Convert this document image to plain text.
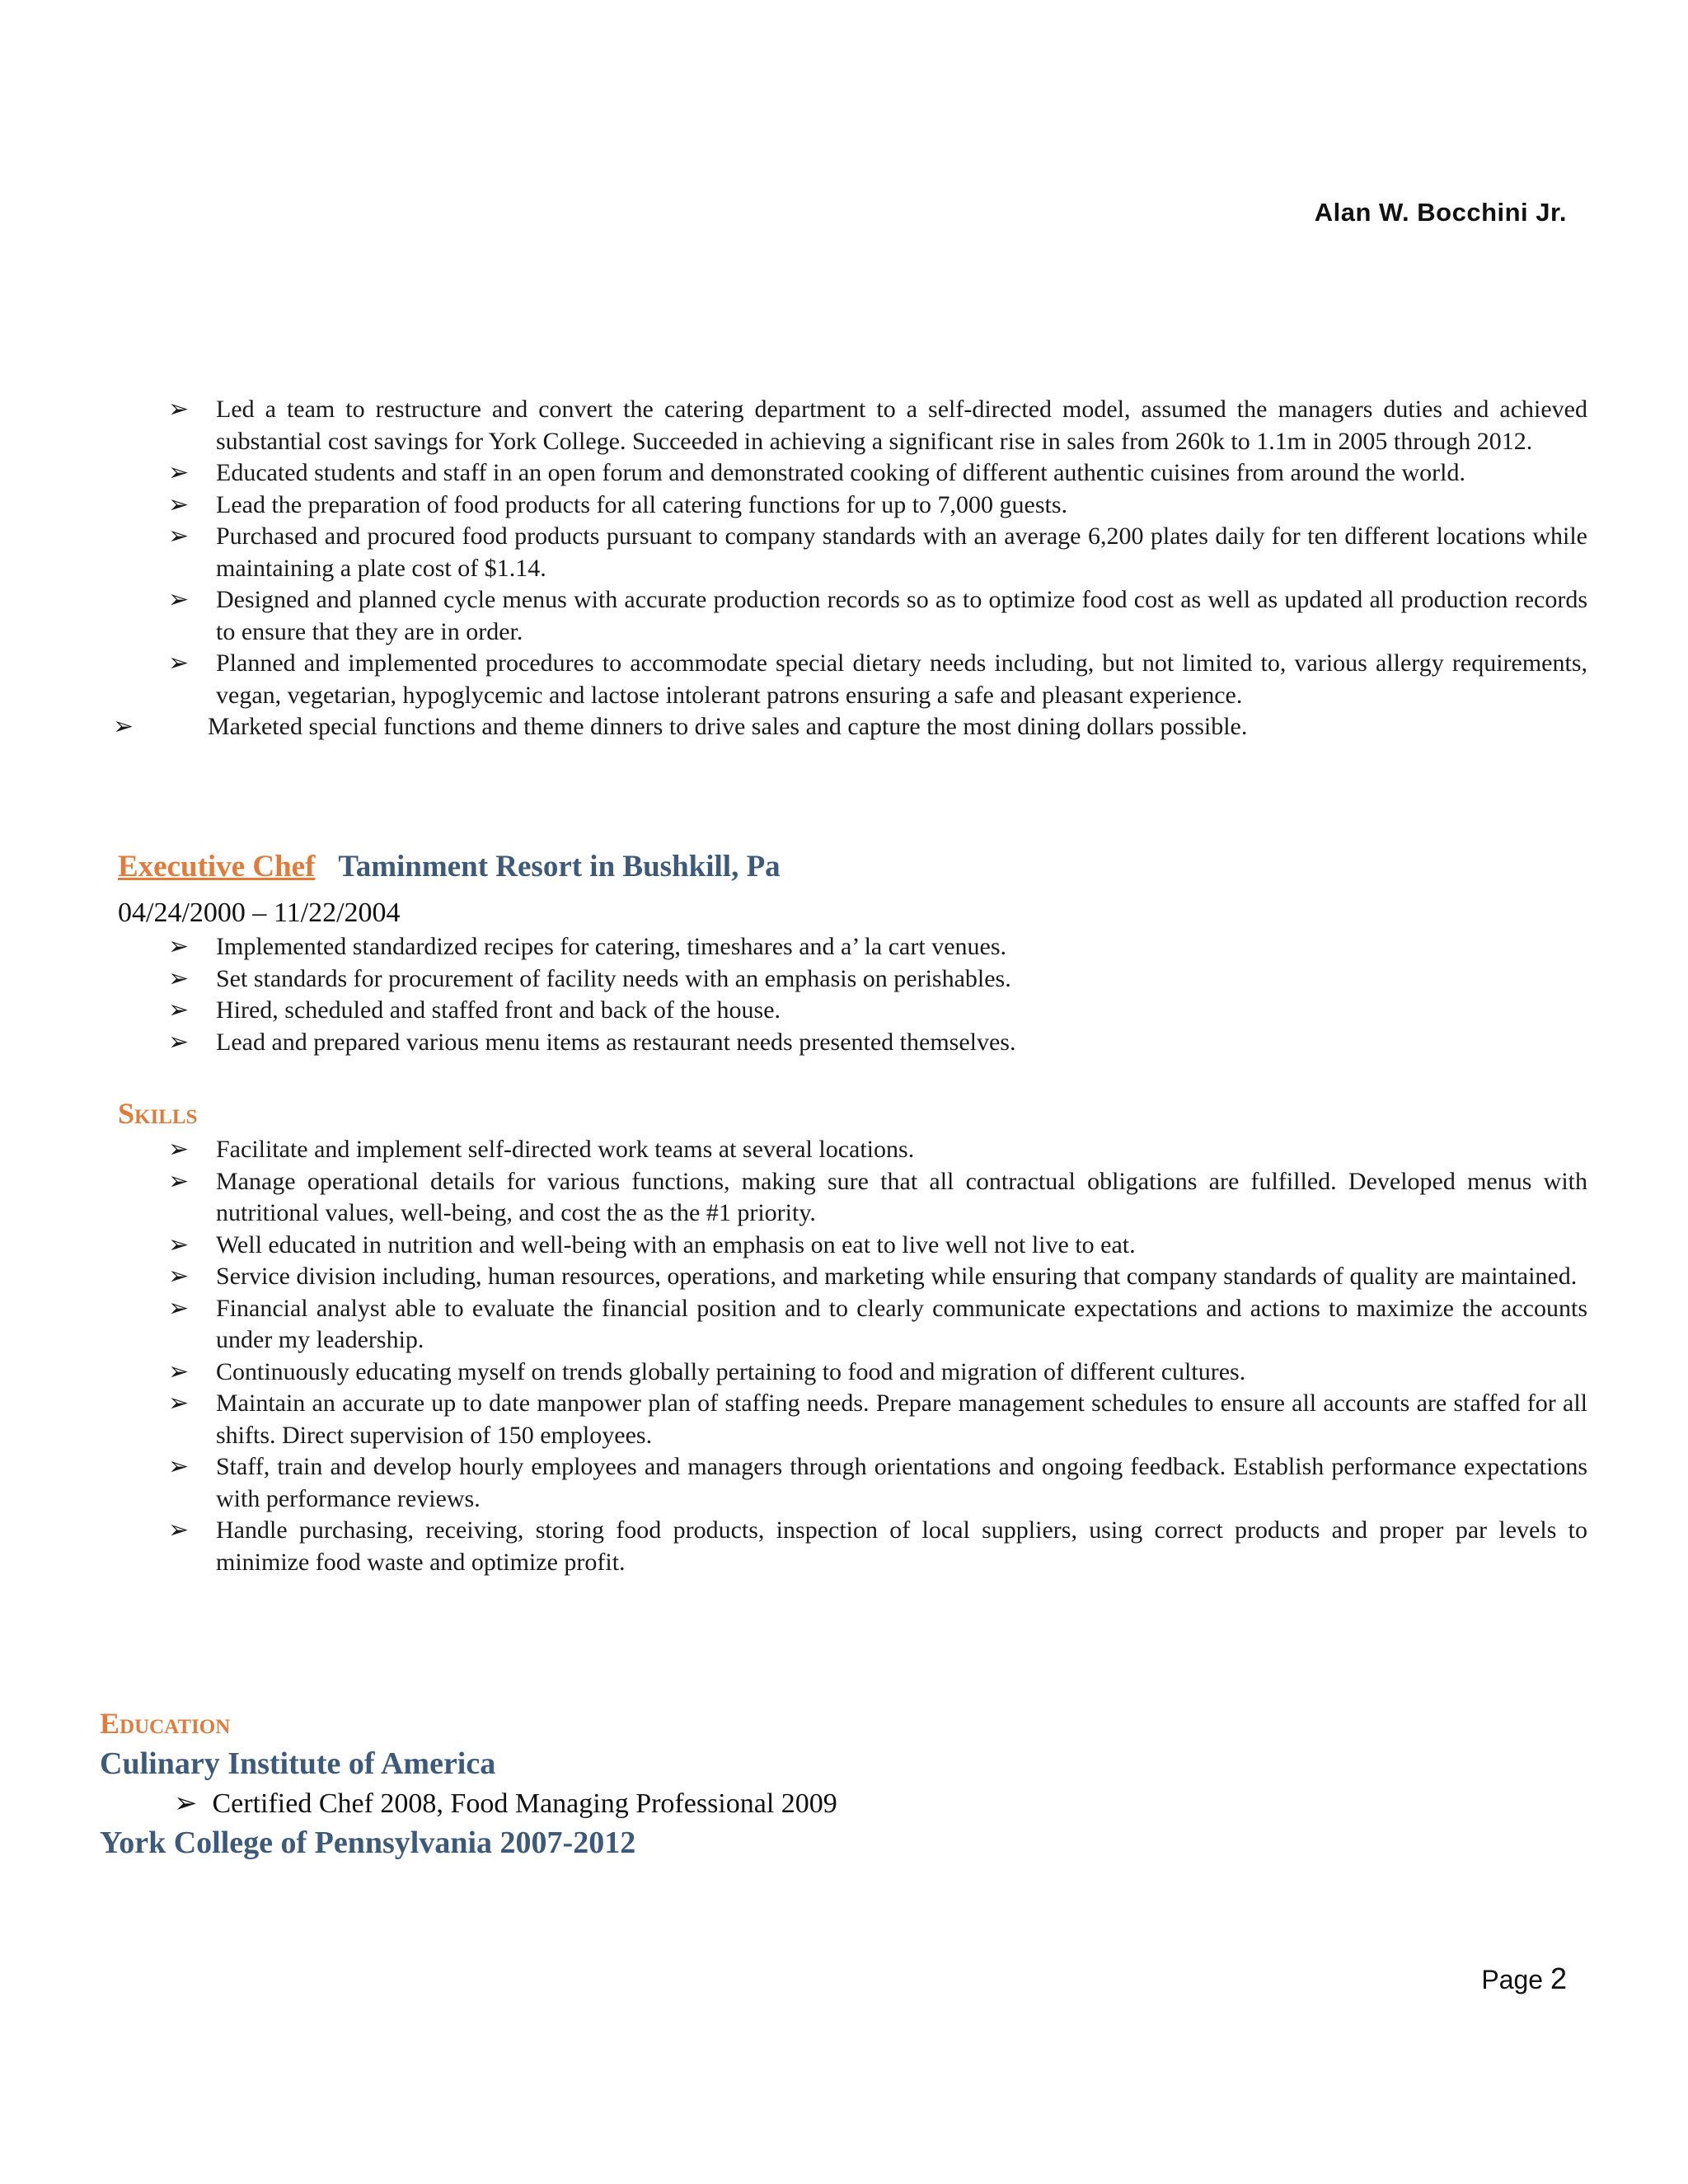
Alan W. Bocchini Jr.
➢ Led a team to restructure and convert the catering department to a self-directed model, assumed the managers duties and achieved substantial cost savings for York College. Succeeded in achieving a significant rise in sales from 260k to 1.1m in 2005 through 2012.
➢ Educated students and staff in an open forum and demonstrated cooking of different authentic cuisines from around the world.
➢ Lead the preparation of food products for all catering functions for up to 7,000 guests.
➢ Purchased and procured food products pursuant to company standards with an average 6,200 plates daily for ten different locations while maintaining a plate cost of $1.14.
➢ Designed and planned cycle menus with accurate production records so as to optimize food cost as well as updated all production records to ensure that they are in order.
➢ Planned and implemented procedures to accommodate special dietary needs including, but not limited to, various allergy requirements, vegan, vegetarian, hypoglycemic and lactose intolerant patrons ensuring a safe and pleasant experience.
➢	Marketed special functions and theme dinners to drive sales and capture the most dining dollars possible.
Executive Chef Taminment Resort in Bushkill, Pa
04/24/2000 – 11/22/2004
➢ Implemented standardized recipes for catering, timeshares and a’ la cart venues.
➢ Set standards for procurement of facility needs with an emphasis on perishables.
➢ Hired, scheduled and staffed front and back of the house.
➢ Lead and prepared various menu items as restaurant needs presented themselves.
Skills
➢ Facilitate and implement self-directed work teams at several locations.
➢ Manage operational details for various functions, making sure that all contractual obligations are fulfilled. Developed menus with nutritional values, well-being, and cost the as the #1 priority.
➢ Well educated in nutrition and well-being with an emphasis on eat to live well not live to eat.
➢ Service division including, human resources, operations, and marketing while ensuring that company standards of quality are maintained.
➢ Financial analyst able to evaluate the financial position and to clearly communicate expectations and actions to maximize the accounts under my leadership.
➢ Continuously educating myself on trends globally pertaining to food and migration of different cultures.
➢ Maintain an accurate up to date manpower plan of staffing needs. Prepare management schedules to ensure all accounts are staffed for all shifts. Direct supervision of 150 employees.
➢ Staff, train and develop hourly employees and managers through orientations and ongoing feedback. Establish performance expectations with performance reviews.
➢ Handle purchasing, receiving, storing food products, inspection of local suppliers, using correct products and proper par levels to minimize food waste and optimize profit.
Education
Culinary Institute of America
➢ Certified Chef 2008, Food Managing Professional 2009
York College of Pennsylvania 2007-2012
Page 2
